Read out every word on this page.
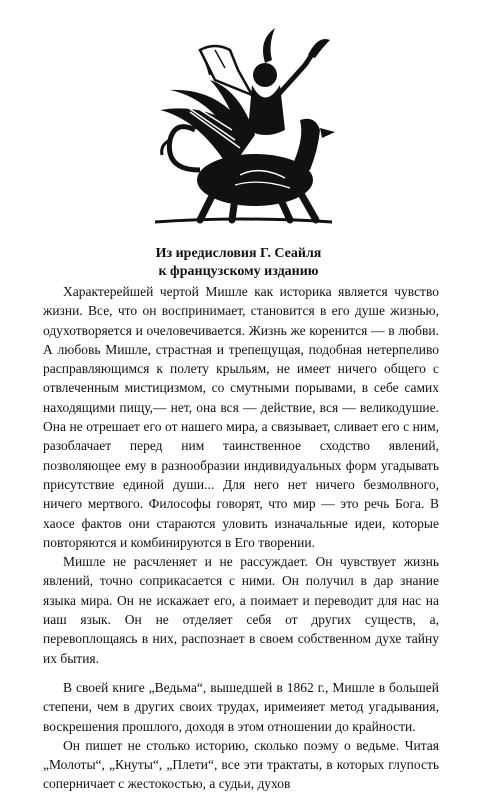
Из иредисловия Г. Сеайля
к французскому изданию

Характерейшей чертой Мишле как историка является чувство жизни. Все, что он воспринимает, становится в его душе жизнью, одухотворяется и очеловечивается. Жизнь же коренится — в любви. А любовь Мишле, страстная и трепещущая, подобная нетерпеливо расправляющимся к полету крыльям, не имеет ничего общего с отвлеченным мистицизмом, со смутными порывами, в себе самих находящими пищу,— нет, она вся — действие, вся — великодушие. Она не отрешает его от нашего мира, а связывает, сливает его с ним, разоблачает перед ним таинственное сходство явлений, позволяющее ему в разнообразии индивидуальных форм угадывать присутствие единой души... Для него нет ничего безмолвного, ничего мертвого. Философы говорят, что мир — это речь Бога. В хаосе фактов они стараются уловить изначальные идеи, которые повторяются и комбинируются в Его творении.

Мишле не расчленяет и не рассуждает. Он чувствует жизнь явлений, точно соприкасается с ними. Он получил в дар знание языка мира. Он не искажает его, а поимает и переводит для нас на иаш язык. Он не отделяет себя от других существ, а, перевоплощаясь в них, распознает в своем собственном духе тайну их бытия.

В своей книге „Ведьма“, вышедшей в 1862 г., Мишле в большей степени, чем в других своих трудах, иримеияет метод угадывания, воскрешения прошлого, доходя в этом отношении до крайности.

Он пишет не столько историю, сколько поэму о ведьме. Читая „Молоты“, „Кнуты“, „Плети“, все эти трактаты, в которых глупость соперничает с жестокостью, а судьи, духов
